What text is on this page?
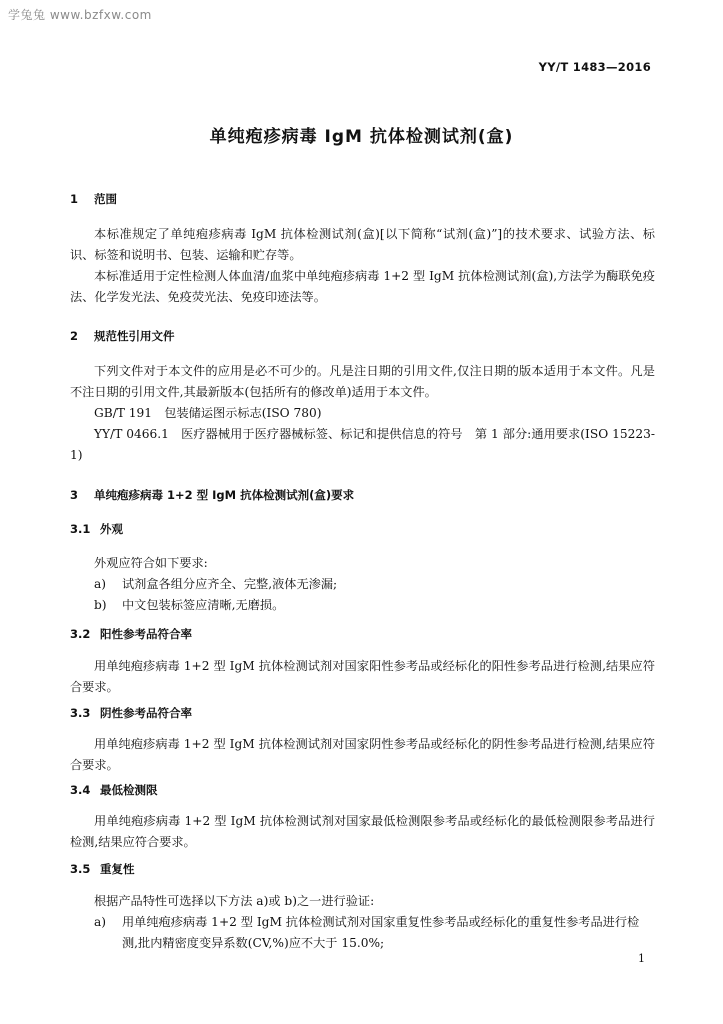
学兔兔 www.bzfxw.com
YY/T 1483—2016
单纯疱疹病毒 IgM 抗体检测试剂(盒)
1 范围
本标准规定了单纯疱疹病毒 IgM 抗体检测试剂(盒)[以下简称“试剂(盒)”]的技术要求、试验方法、标识、标签和说明书、包装、运输和贮存等。
本标准适用于定性检测人体血清/血浆中单纯疱疹病毒 1+2 型 IgM 抗体检测试剂(盒),方法学为酶联免疫法、化学发光法、免疫荧光法、免疫印迹法等。
2 规范性引用文件
下列文件对于本文件的应用是必不可少的。凡是注日期的引用文件,仅注日期的版本适用于本文件。凡是不注日期的引用文件,其最新版本(包括所有的修改单)适用于本文件。
GB/T 191　包装储运图示标志(ISO 780)
YY/T 0466.1　医疗器械用于医疗器械标签、标记和提供信息的符号　第 1 部分:通用要求(ISO 15223-1)
3 单纯疱疹病毒 1+2 型 IgM 抗体检测试剂(盒)要求
3.1 外观
外观应符合如下要求:
a) 试剂盒各组分应齐全、完整,液体无渗漏;
b) 中文包装标签应清晰,无磨损。
3.2 阳性参考品符合率
用单纯疱疹病毒 1+2 型 IgM 抗体检测试剂对国家阳性参考品或经标化的阳性参考品进行检测,结果应符合要求。
3.3 阴性参考品符合率
用单纯疱疹病毒 1+2 型 IgM 抗体检测试剂对国家阴性参考品或经标化的阴性参考品进行检测,结果应符合要求。
3.4 最低检测限
用单纯疱疹病毒 1+2 型 IgM 抗体检测试剂对国家最低检测限参考品或经标化的最低检测限参考品进行检测,结果应符合要求。
3.5 重复性
根据产品特性可选择以下方法 a)或 b)之一进行验证:
a) 用单纯疱疹病毒 1+2 型 IgM 抗体检测试剂对国家重复性参考品或经标化的重复性参考品进行检测,批内精密度变异系数(CV,%)应不大于 15.0%;
1
